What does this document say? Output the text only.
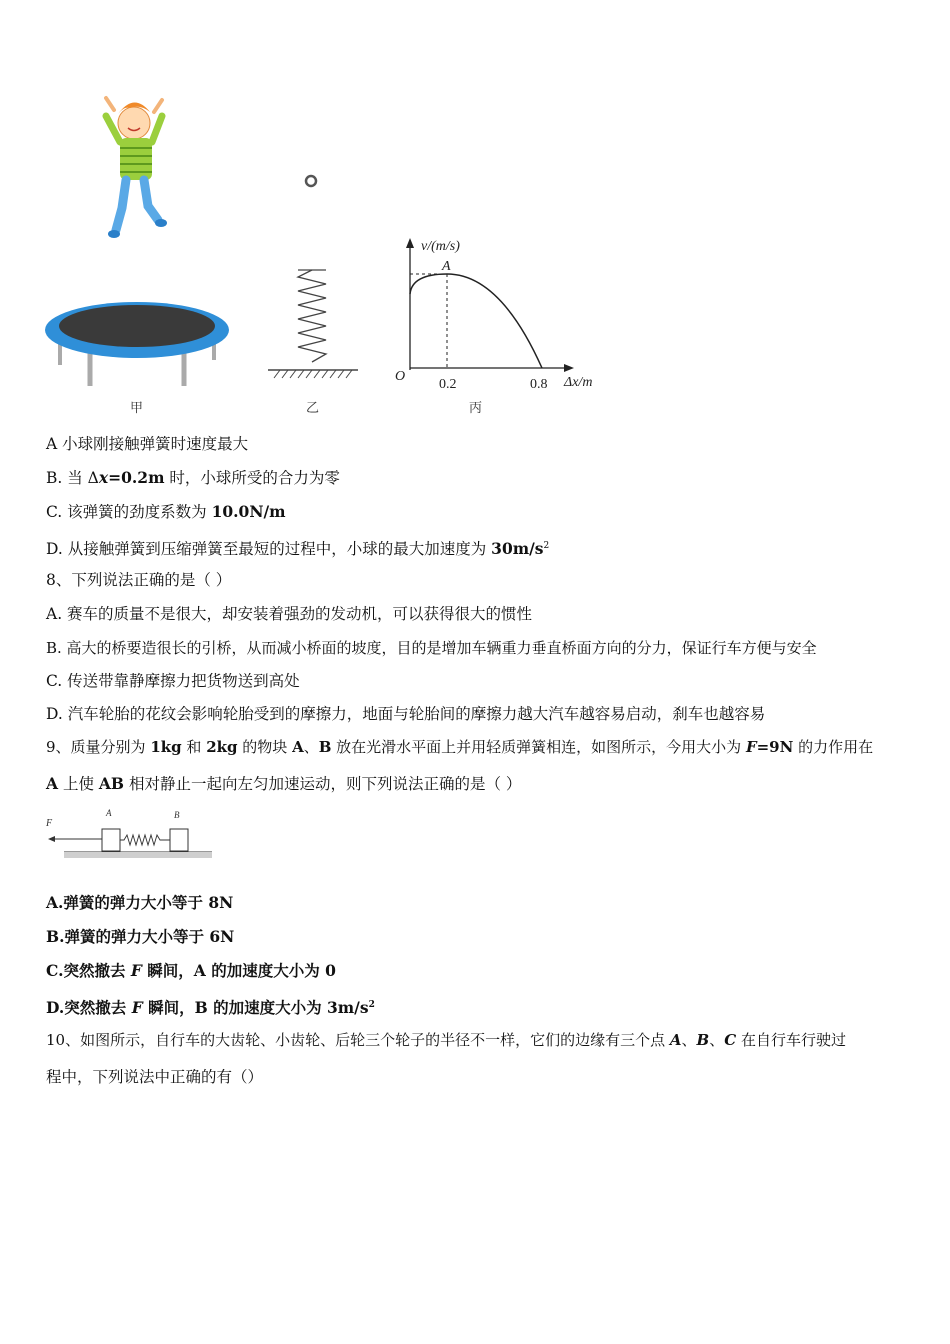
甲	乙
v/(m/s)
Δx/m
O
A
0.2	0.8
丙
A 小球刚接触弹簧时速度最大
B. 当 Δx=0.2m 时，小球所受的合力为零
C. 该弹簧的劲度系数为 10.0N/m
D. 从接触弹簧到压缩弹簧至最短的过程中，小球的最大加速度为 $30m/s^2$
8、下列说法正确的是（ ）
A. 赛车的质量不是很大，却安装着强劲的发动机，可以获得很大的惯性
B. 高大的桥要造很长的引桥，从而减小桥面的坡度，目的是增加车辆重力垂直桥面方向的分力，保证行车方便与安全
C. 传送带靠静摩擦力把货物送到高处
D. 汽车轮胎的花纹会影响轮胎受到的摩擦力，地面与轮胎间的摩擦力越大汽车越容易启动，刹车也越容易
9、质量分别为 1kg 和 2kg 的物块 A、B 放在光滑水平面上并用轻质弹簧相连，如图所示，今用大小为 F=9N 的力作用在
A 上使 AB 相对静止一起向左匀加速运动，则下列说法正确的是（ ）
F
A	B
A.弹簧的弹力大小等于 8N
B.弹簧的弹力大小等于 6N
C.突然撤去 F 瞬间，A 的加速度大小为 0
D.突然撤去 F 瞬间，B 的加速度大小为 $3m/s^2$
10、如图所示，自行车的大齿轮、小齿轮、后轮三个轮子的半径不一样，它们的边缘有三个点 A、B、C 在自行车行驶过
程中，下列说法中正确的有（）
